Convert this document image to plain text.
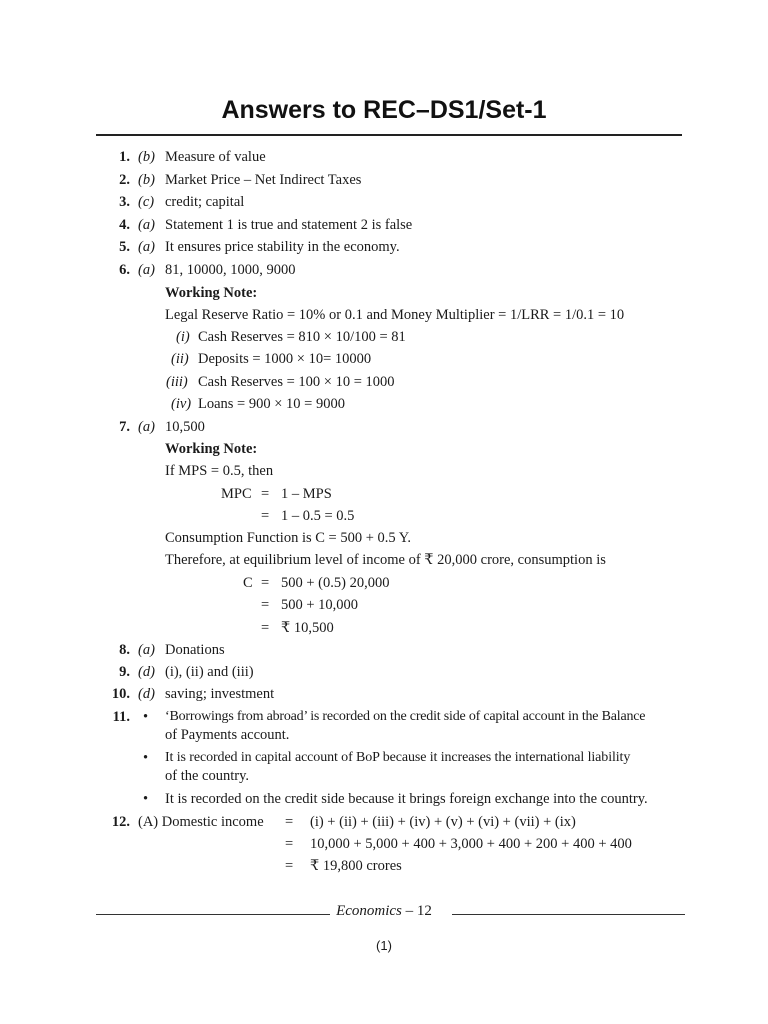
Answers to REC–DS1/Set-1
1. (b) Measure of value
2. (b) Market Price – Net Indirect Taxes
3. (c) credit; capital
4. (a) Statement 1 is true and statement 2 is false
5. (a) It ensures price stability in the economy.
6. (a) 81, 10000, 1000, 9000
Working Note:
Legal Reserve Ratio = 10% or 0.1 and Money Multiplier = 1/LRR = 1/0.1 = 10
(i) Cash Reserves = 810 × 10/100 = 81
(ii) Deposits = 1000 × 10= 10000
(iii) Cash Reserves = 100 × 10 = 1000
(iv) Loans = 900 × 10 = 9000
7. (a) 10,500
Working Note:
If MPS = 0.5, then
MPC = 1 – MPS
= 1 – 0.5 = 0.5
Consumption Function is C = 500 + 0.5 Y.
Therefore, at equilibrium level of income of ₹ 20,000 crore, consumption is
C = 500 + (0.5) 20,000
= 500 + 10,000
= ₹ 10,500
8. (a) Donations
9. (d) (i), (ii) and (iii)
10. (d) saving; investment
11. • ‘Borrowings from abroad’ is recorded on the credit side of capital account in the Balance
of Payments account.
• It is recorded in capital account of BoP because it increases the international liability
of the country.
• It is recorded on the credit side because it brings foreign exchange into the country.
12. (A) Domestic income = (i) + (ii) + (iii) + (iv) + (v) + (vi) + (vii) + (ix)
= 10,000 + 5,000 + 400 + 3,000 + 400 + 200 + 400 + 400
= ₹ 19,800 crores
Economics – 12
(1)
